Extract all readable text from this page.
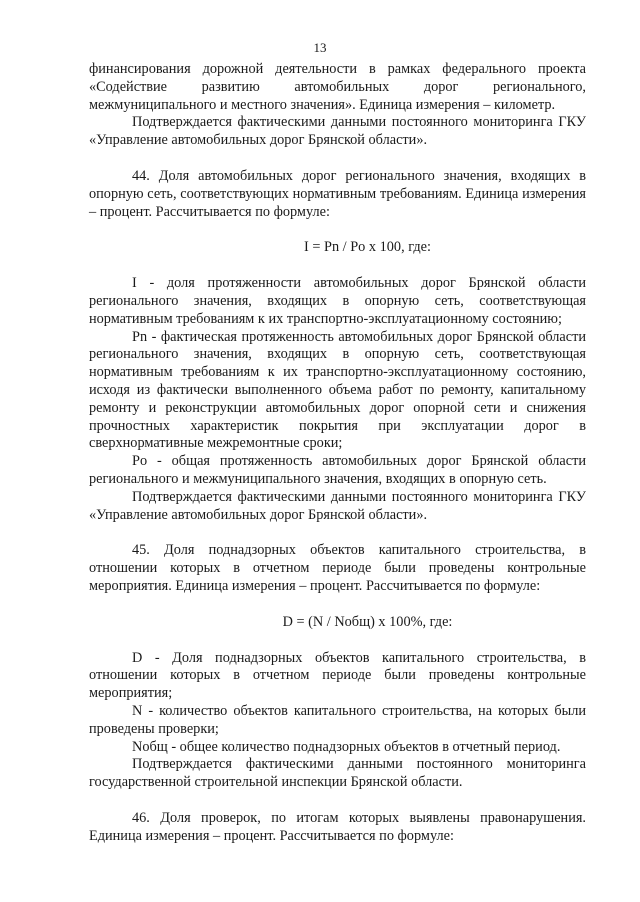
13

финансирования дорожной деятельности в рамках федерального проекта «Содействие развитию автомобильных дорог регионального, межмуниципального и местного значения». Единица измерения – километр.

Подтверждается фактическими данными постоянного мониторинга ГКУ «Управление автомобильных дорог Брянской области».

44. Доля автомобильных дорог регионального значения, входящих в опорную сеть, соответствующих нормативным требованиям. Единица измерения – процент. Рассчитывается по формуле:

I = Pn / Po x 100, где:

I - доля протяженности автомобильных дорог Брянской области регионального значения, входящих в опорную сеть, соответствующая нормативным требованиям к их транспортно-эксплуатационному состоянию;

Pn - фактическая протяженность автомобильных дорог Брянской области регионального значения, входящих в опорную сеть, соответствующая нормативным требованиям к их транспортно-эксплуатационному состоянию, исходя из фактически выполненного объема работ по ремонту, капитальному ремонту и реконструкции автомобильных дорог опорной сети и снижения прочностных характеристик покрытия при эксплуатации дорог в сверхнормативные межремонтные сроки;

Po - общая протяженность автомобильных дорог Брянской области регионального и межмуниципального значения, входящих в опорную сеть.

Подтверждается фактическими данными постоянного мониторинга ГКУ «Управление автомобильных дорог Брянской области».

45. Доля поднадзорных объектов капитального строительства, в отношении которых в отчетном периоде были проведены контрольные мероприятия. Единица измерения – процент. Рассчитывается по формуле:

D = (N / Nобщ) x 100%, где:

D - Доля поднадзорных объектов капитального строительства, в отношении которых в отчетном периоде были проведены контрольные мероприятия;

N - количество объектов капитального строительства, на которых были проведены проверки;

Nобщ - общее количество поднадзорных объектов в отчетный период.

Подтверждается фактическими данными постоянного мониторинга государственной строительной инспекции Брянской области.

46. Доля проверок, по итогам которых выявлены правонарушения. Единица измерения – процент. Рассчитывается по формуле:
